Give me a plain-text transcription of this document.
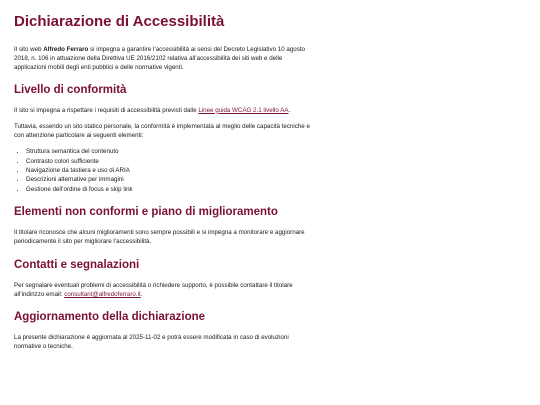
Dichiarazione di Accessibilità

Il sito web Alfredo Ferraro si impegna a garantire l’accessibilità ai sensi del Decreto Legislativo 10 agosto 2018, n. 106 in attuazione della Direttiva UE 2016/2102 relativa all’accessibilità dei siti web e delle applicazioni mobili degli enti pubblici e delle normative vigenti.

Livello di conformità

Il sito si impegna a rispettare i requisiti di accessibilità previsti dalle Linee guida WCAG 2.1 livello AA.

Tuttavia, essendo un sito statico personale, la conformità è implementata al meglio delle capacità tecniche e con attenzione particolare ai seguenti elementi:

• Struttura semantica del contenuto
• Contrasto colori sufficiente
• Navigazione da tastiera e uso di ARIA
• Descrizioni alternative per immagini
• Gestione dell’ordine di focus e skip link
Elementi non conformi e piano di miglioramento

Il titolare riconosce che alcuni miglioramenti sono sempre possibili e si impegna a monitorare e aggiornare periodicamente il sito per migliorare l’accessibilità.

Contatti e segnalazioni

Per segnalare eventuali problemi di accessibilità o richiedere supporto, è possibile contattare il titolare all’indirizzo email: consultant@alfredoferraro.it.

Aggiornamento della dichiarazione

La presente dichiarazione è aggiornata al 2025-11-02 e potrà essere modificata in caso di evoluzioni normative o tecniche.
